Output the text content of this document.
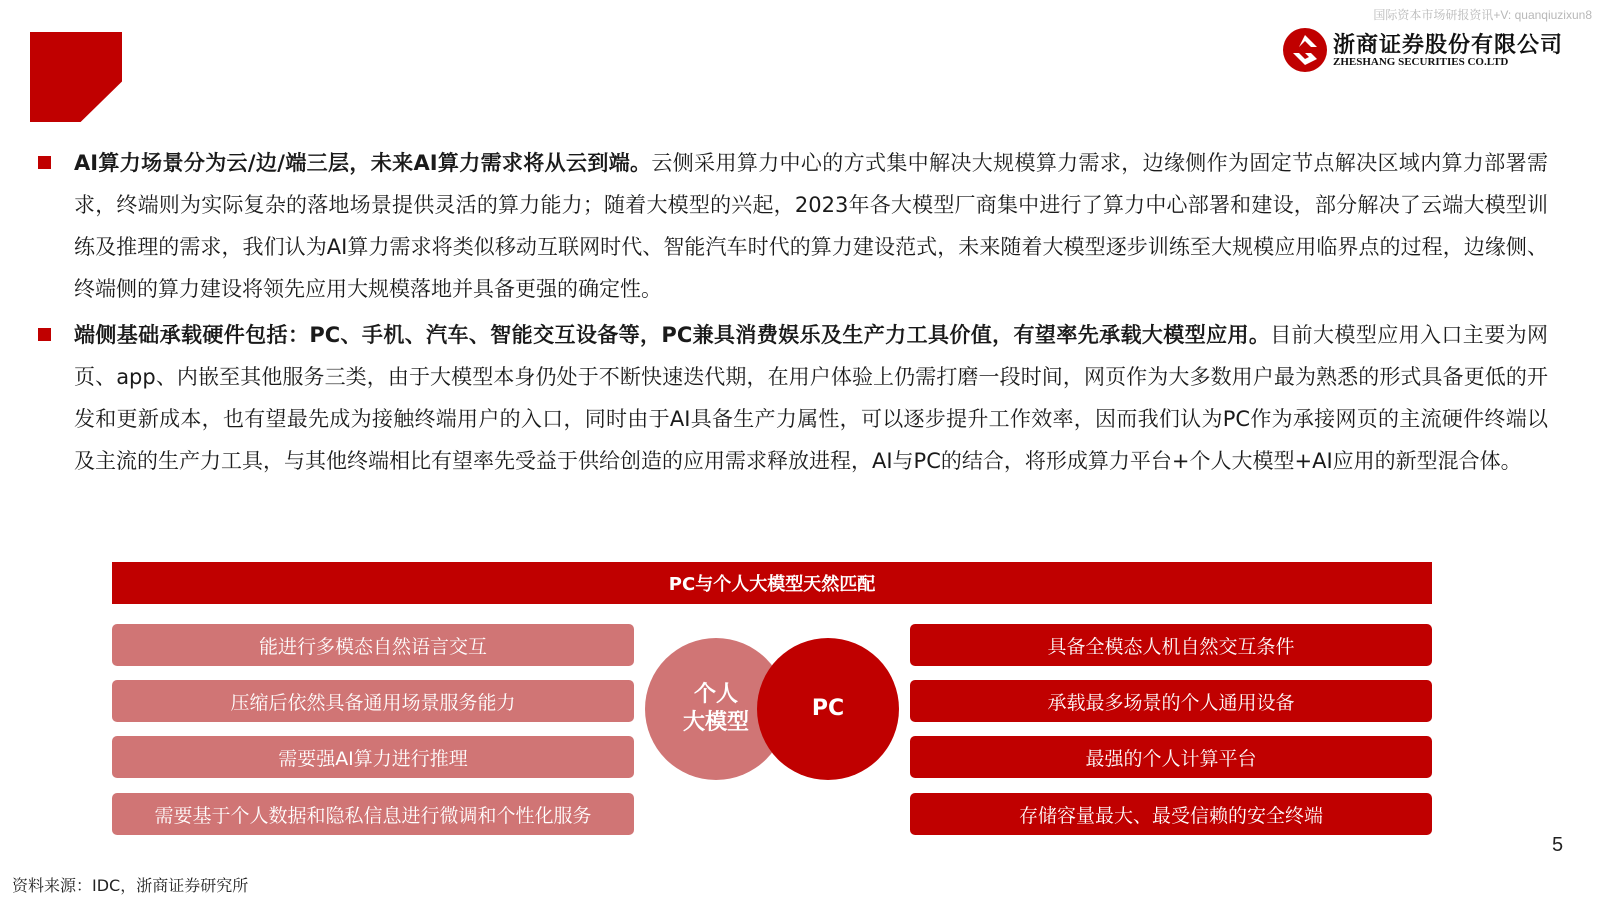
国际资本市场研报资讯+V: quanqiuzixun8
浙商证券股份有限公司
ZHESHANG SECURITIES CO.LTD
AI算力场景分为云/边/端三层，未来AI算力需求将从云到端。云侧采用算力中心的方式集中解决大规模算力需求，边缘侧作为固定节点解决区域内算力部署需求，终端则为实际复杂的落地场景提供灵活的算力能力；随着大模型的兴起，2023年各大模型厂商集中进行了算力中心部署和建设，部分解决了云端大模型训练及推理的需求，我们认为AI算力需求将类似移动互联网时代、智能汽车时代的算力建设范式，未来随着大模型逐步训练至大规模应用临界点的过程，边缘侧、终端侧的算力建设将领先应用大规模落地并具备更强的确定性。
端侧基础承载硬件包括：PC、手机、汽车、智能交互设备等，PC兼具消费娱乐及生产力工具价值，有望率先承载大模型应用。目前大模型应用入口主要为网页、app、内嵌至其他服务三类，由于大模型本身仍处于不断快速迭代期，在用户体验上仍需打磨一段时间，网页作为大多数用户最为熟悉的形式具备更低的开发和更新成本，也有望最先成为接触终端用户的入口，同时由于AI具备生产力属性，可以逐步提升工作效率，因而我们认为PC作为承接网页的主流硬件终端以及主流的生产力工具，与其他终端相比有望率先受益于供给创造的应用需求释放进程，AI与PC的结合，将形成算力平台+个人大模型+AI应用的新型混合体。
PC与个人大模型天然匹配
能进行多模态自然语言交互
压缩后依然具备通用场景服务能力
需要强AI算力进行推理
需要基于个人数据和隐私信息进行微调和个性化服务
具备全模态人机自然交互条件
承载最多场景的个人通用设备
最强的个人计算平台
存储容量最大、最受信赖的安全终端
个人
大模型
PC
5
资料来源：IDC，浙商证券研究所
